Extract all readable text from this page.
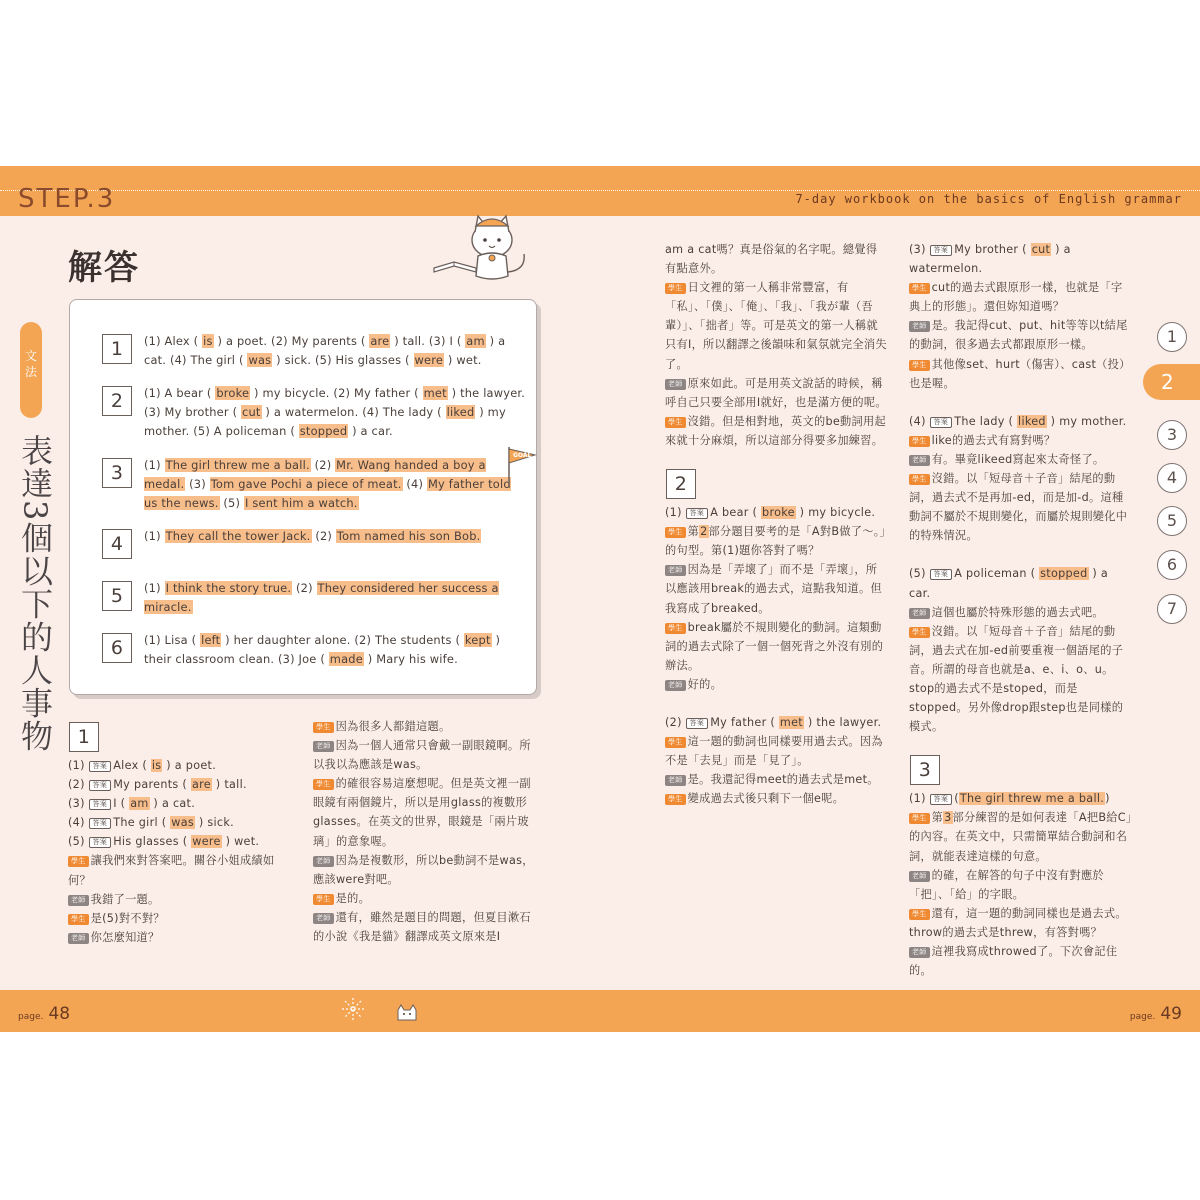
STEP.3	7-day workbook on the basics of English grammar
解答
文法
表達3個以下的人事物
1	(1) Alex ( is ) a poet. (2) My parents ( are ) tall. (3) I ( am ) a cat. (4) The girl ( was ) sick. (5) His glasses ( were ) wet.
2	(1) A bear ( broke ) my bicycle. (2) My father ( met ) the lawyer. (3) My brother ( cut ) a watermelon. (4) The lady ( liked ) my mother. (5) A policeman ( stopped ) a car.
3	(1) The girl threw me a ball. (2) Mr. Wang handed a boy a medal. (3) Tom gave Pochi a piece of meat. (4) My father told us the news. (5) I sent him a watch.
4	(1) They call the tower Jack. (2) Tom named his son Bob.
5	(1) I think the story true. (2) They considered her success a miracle.
6	(1) Lisa ( left ) her daughter alone. (2) The students ( kept ) their classroom clean. (3) Joe ( made ) Mary his wife.
1

(1) 答案 Alex ( is ) a poet.

(2) 答案 My parents ( are ) tall.

(3) 答案 I ( am ) a cat.

(4) 答案 The girl ( was ) sick.

(5) 答案 His glasses ( were ) wet.

學生 讓我們來對答案吧。關谷小姐成績如何？

老師 我錯了一題。

學生 是(5)對不對？

老師 你怎麼知道？

學生 因為很多人都錯這題。

老師 因為一個人通常只會戴一副眼鏡啊。所以我以為應該是was。

學生 的確很容易這麼想呢。但是英文裡一副眼鏡有兩個鏡片，所以是用glass的複數形glasses。在英文的世界，眼鏡是「兩片玻璃」的意象喔。

老師 因為是複數形，所以be動詞不是was，應該were對吧。

學生 是的。

老師 還有，雖然是題目的問題，但夏目漱石的小說《我是貓》翻譯成英文原來是I

am a cat嗎？真是俗氣的名字呢。總覺得有點意外。

學生 日文裡的第一人稱非常豐富，有「私」、「僕」、「俺」、「我」、「我が輩（吾輩）」、「拙者」等。可是英文的第一人稱就只有I，所以翻譯之後韻味和氣氛就完全消失了。

老師 原來如此。可是用英文說話的時候，稱呼自己只要全部用I就好，也是滿方便的呢。

學生 沒錯。但是相對地，英文的be動詞用起來就十分麻煩，所以這部分得要多加練習。

2

(1) 答案 A bear ( broke ) my bicycle.

學生 第2部分題目要考的是「A對B做了～。」的句型。第(1)題你答對了嗎？

老師 因為是「弄壞了」而不是「弄壞」，所以應該用break的過去式，這點我知道。但我寫成了breaked。

學生 break屬於不規則變化的動詞。這類動詞的過去式除了一個一個死背之外沒有別的辦法。

老師 好的。

(2) 答案 My father ( met ) the lawyer.

學生 這一題的動詞也同樣要用過去式。因為不是「去見」而是「見了」。

老師 是。我還記得meet的過去式是met。

學生 變成過去式後只剩下一個e呢。

(3) 答案 My brother ( cut ) a watermelon.

學生 cut的過去式跟原形一樣，也就是「字典上的形態」。還但妳知道嗎？

老師 是。我記得cut、put、hit等等以t結尾的動詞，很多過去式都跟原形一樣。

學生 其他像set、hurt（傷害）、cast（投）也是喔。

(4) 答案 The lady ( liked ) my mother.

學生 like的過去式有寫對嗎？

老師 有。畢竟likeed寫起來太奇怪了。

學生 沒錯。以「短母音＋子音」結尾的動詞，過去式不是再加-ed，而是加-d。這種動詞不屬於不規則變化，而屬於規則變化中的特殊情況。

(5) 答案 A policeman ( stopped ) a car.

老師 這個也屬於特殊形態的過去式吧。

學生 沒錯。以「短母音＋子音」結尾的動詞，過去式在加-ed前要重複一個語尾的子音。所謂的母音也就是a、e、i、o、u。stop的過去式不是stoped，而是stopped。另外像drop跟step也是同樣的模式。

3

(1) 答案 (The girl threw me a ball.)

學生 第3部分練習的是如何表達「A把B給C」的內容。在英文中，只需簡單結合動詞和名詞，就能表達這樣的句意。

老師 的確，在解答的句子中沒有對應於「把」、「給」的字眼。

學生 還有，這一題的動詞同樣也是過去式。throw的過去式是threw，有答對嗎？

老師 這裡我寫成throwed了。下次會記住的。

1
2
3
4
5
6
7
page. 48	page. 49
GOAL
